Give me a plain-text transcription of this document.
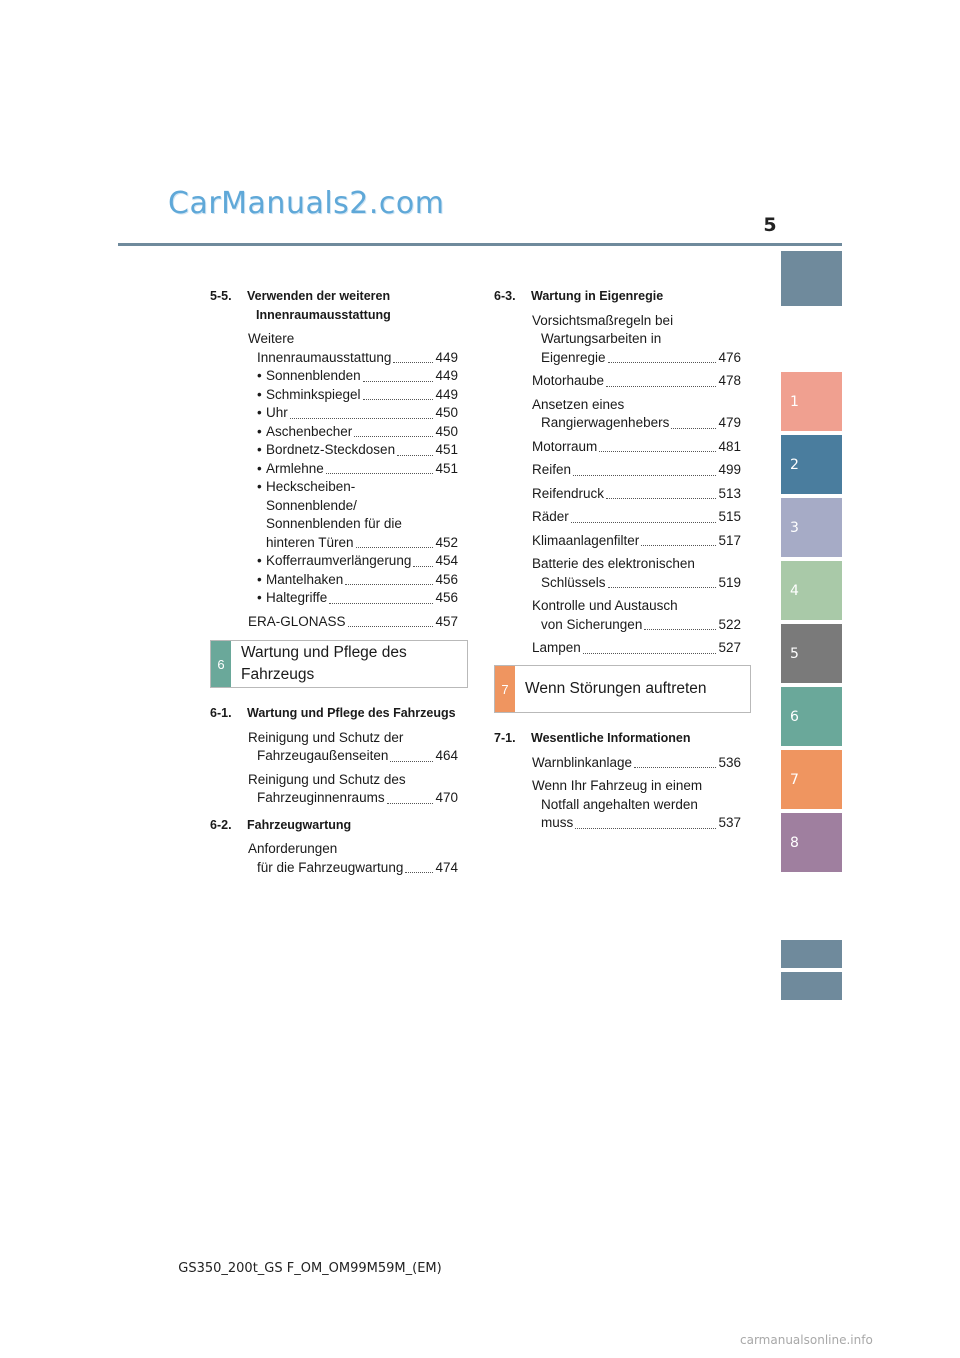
CarManuals2.com
5
1
2
3
4
5
6
7
8
5-5. Verwenden der weiteren
Innenraumausstattung
Weitere
Innenraumausstattung	449
• Sonnenblenden	449
• Schminkspiegel	449
• Uhr	450
• Aschenbecher	450
• Bordnetz-Steckdosen	451
• Armlehne	451
• Heckscheiben-
Sonnenblende/
Sonnenblenden für die
hinteren Türen	452
• Kofferraumverlängerung 454
• Mantelhaken	456
• Haltegriffe	456
ERA-GLONASS	457
6
Wartung und Pflege des
Fahrzeugs
6-1. Wartung und Pflege des Fahrzeugs
Reinigung und Schutz der
Fahrzeugaußenseiten	464
Reinigung und Schutz des
Fahrzeuginnenraums	470
6-2. Fahrzeugwartung
Anforderungen
für die Fahrzeugwartung 474
6-3. Wartung in Eigenregie
Vorsichtsmaßregeln bei
Wartungsarbeiten in
Eigenregie	476
Motorhaube	478
Ansetzen eines
Rangierwagenhebers	479
Motorraum	481
Reifen	499
Reifendruck	513
Räder	515
Klimaanlagenfilter	517
Batterie des elektronischen
Schlüssels	519
Kontrolle und Austausch
von Sicherungen	522
Lampen	527
7	Wenn Störungen auftreten
7-1. Wesentliche Informationen
Warnblinkanlage	536
Wenn Ihr Fahrzeug in einem
Notfall angehalten werden
muss	537
GS350_200t_GS F_OM_OM99M59M_(EM)
carmanualsonline.info
